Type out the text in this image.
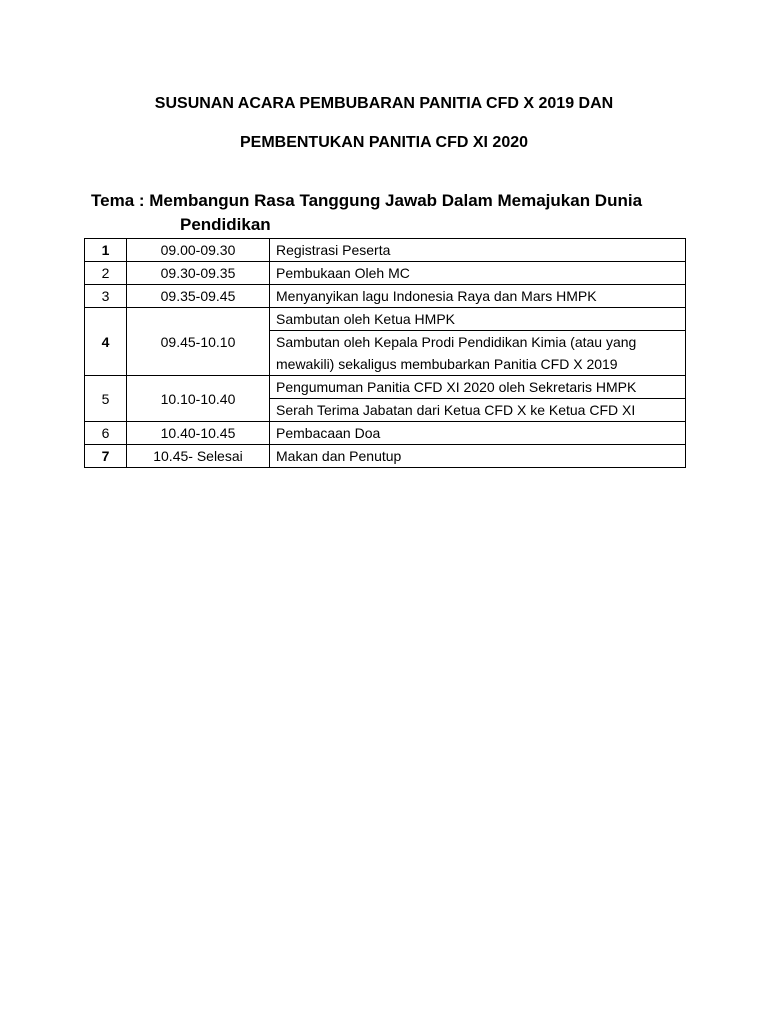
SUSUNAN ACARA PEMBUBARAN PANITIA CFD X 2019 DAN
PEMBENTUKAN PANITIA CFD XI 2020
Tema : Membangun Rasa Tanggung Jawab Dalam Memajukan Dunia
Pendidikan
1	09.00-09.30	Registrasi Peserta
2	09.30-09.35	Pembukaan Oleh MC
3	09.35-09.45	Menyanyikan lagu Indonesia Raya dan Mars HMPK
4	09.45-10.10	Sambutan oleh Ketua HMPK
		Sambutan oleh Kepala Prodi Pendidikan Kimia (atau yang mewakili) sekaligus membubarkan Panitia CFD X 2019
5	10.10-10.40	Pengumuman Panitia CFD XI 2020 oleh Sekretaris HMPK
		Serah Terima Jabatan dari Ketua CFD X ke Ketua CFD XI
6	10.40-10.45	Pembacaan Doa
7	10.45- Selesai	Makan dan Penutup
